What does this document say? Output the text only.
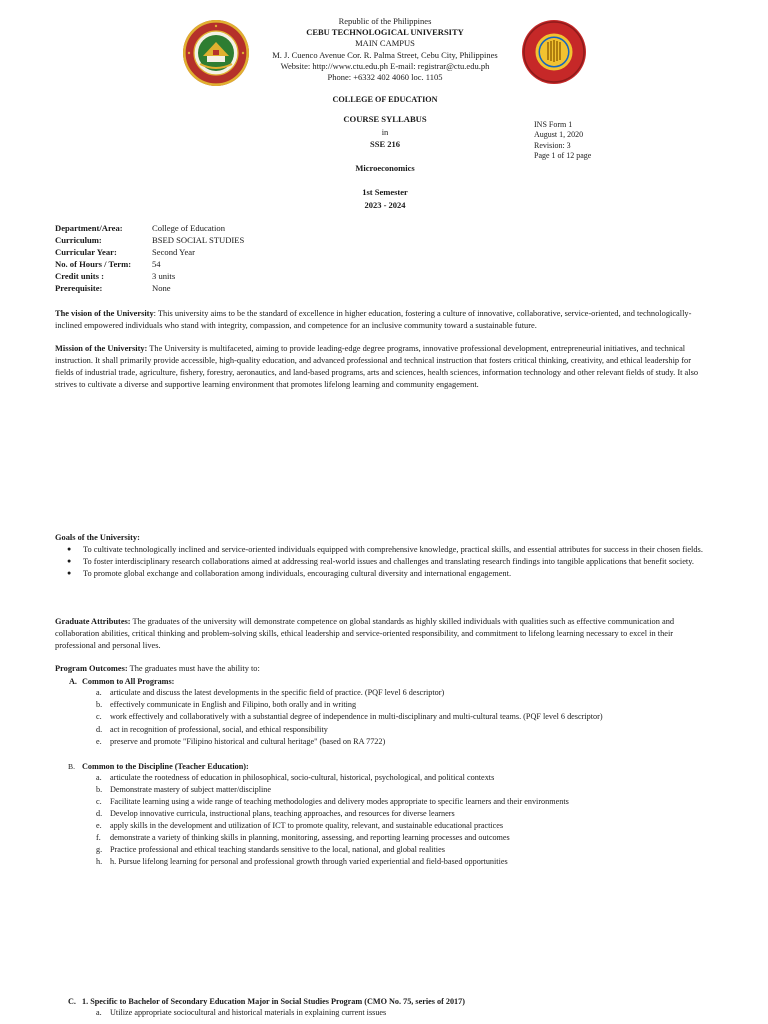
Republic of the Philippines
CEBU TECHNOLOGICAL UNIVERSITY
MAIN CAMPUS
M. J. Cuenco Avenue Cor. R. Palma Street, Cebu City, Philippines
Website: http://www.ctu.edu.ph E-mail: registrar@ctu.edu.ph
Phone: +6332 402 4060 loc. 1105
COLLEGE OF EDUCATION
COURSE SYLLABUS
in
SSE 216
Microeconomics
1st Semester
2023 - 2024
INS Form 1
August 1, 2020
Revision: 3
Page 1 of 12 page
Department/Area:	College of Education
Curriculum:	BSED SOCIAL STUDIES
Curricular Year:	Second Year
No. of Hours / Term: 54
Credit units :	3 units
Prerequisite:	None
The vision of the University: This university aims to be the standard of excellence in higher education, fostering a culture of innovative, collaborative, service-oriented, and technologically-inclined empowered individuals who stand with integrity, compassion, and competence for an inclusive community toward a sustainable future.
Mission of the University: The University is multifaceted, aiming to provide leading-edge degree programs, innovative professional development, entrepreneurial initiatives, and technical instruction. It shall primarily provide accessible, high-quality education, and advanced professional and technical instruction that fosters critical thinking, creativity, and ethical leadership for fields of industrial trade, agriculture, fishery, forestry, aeronautics, and land-based programs, arts and sciences, health sciences, information technology and other relevant fields of study. It also strives to cultivate a diverse and supportive learning environment that promotes lifelong learning and community engagement.
Goals of the University:
● To cultivate technologically inclined and service-oriented individuals equipped with comprehensive knowledge, practical skills, and essential attributes for success in their chosen fields.
● To foster interdisciplinary research collaborations aimed at addressing real-world issues and challenges and translating research findings into tangible applications that benefit society.
● To promote global exchange and collaboration among individuals, encouraging cultural diversity and international engagement.
Graduate Attributes: The graduates of the university will demonstrate competence on global standards as highly skilled individuals with qualities such as effective communication and collaboration abilities, critical thinking and problem-solving skills, ethical leadership and service-oriented responsibility, and commitment to lifelong learning necessary to excel in their professional and personal lives.
Program Outcomes: The graduates must have the ability to:
A. Common to All Programs:
a.	articulate and discuss the latest developments in the specific field of practice. (PQF level 6 descriptor)
b. effectively communicate in English and Filipino, both orally and in writing
c.	work effectively and collaboratively with a substantial degree of independence in multi-disciplinary and multi-cultural teams. (PQF level 6 descriptor)
d. act in recognition of professional, social, and ethical responsibility
e.	preserve and promote "Filipino historical and cultural heritage" (based on RA 7722)
B. Common to the Discipline (Teacher Education):
a.	articulate the rootedness of education in philosophical, socio-cultural, historical, psychological, and political contexts
b. Demonstrate mastery of subject matter/discipline
c.	Facilitate learning using a wide range of teaching methodologies and delivery modes appropriate to specific learners and their environments
d. Develop innovative curricula, instructional plans, teaching approaches, and resources for diverse learners
e.	apply skills in the development and utilization of ICT to promote quality, relevant, and sustainable educational practices
f.	demonstrate a variety of thinking skills in planning, monitoring, assessing, and reporting learning processes and outcomes
g. Practice professional and ethical teaching standards sensitive to the local, national, and global realities
h. h. Pursue lifelong learning for personal and professional growth through varied experiential and field-based opportunities
C. 1. Specific to Bachelor of Secondary Education Major in Social Studies Program (CMO No. 75, series of 2017)
a.	Utilize appropriate sociocultural and historical materials in explaining current issues
